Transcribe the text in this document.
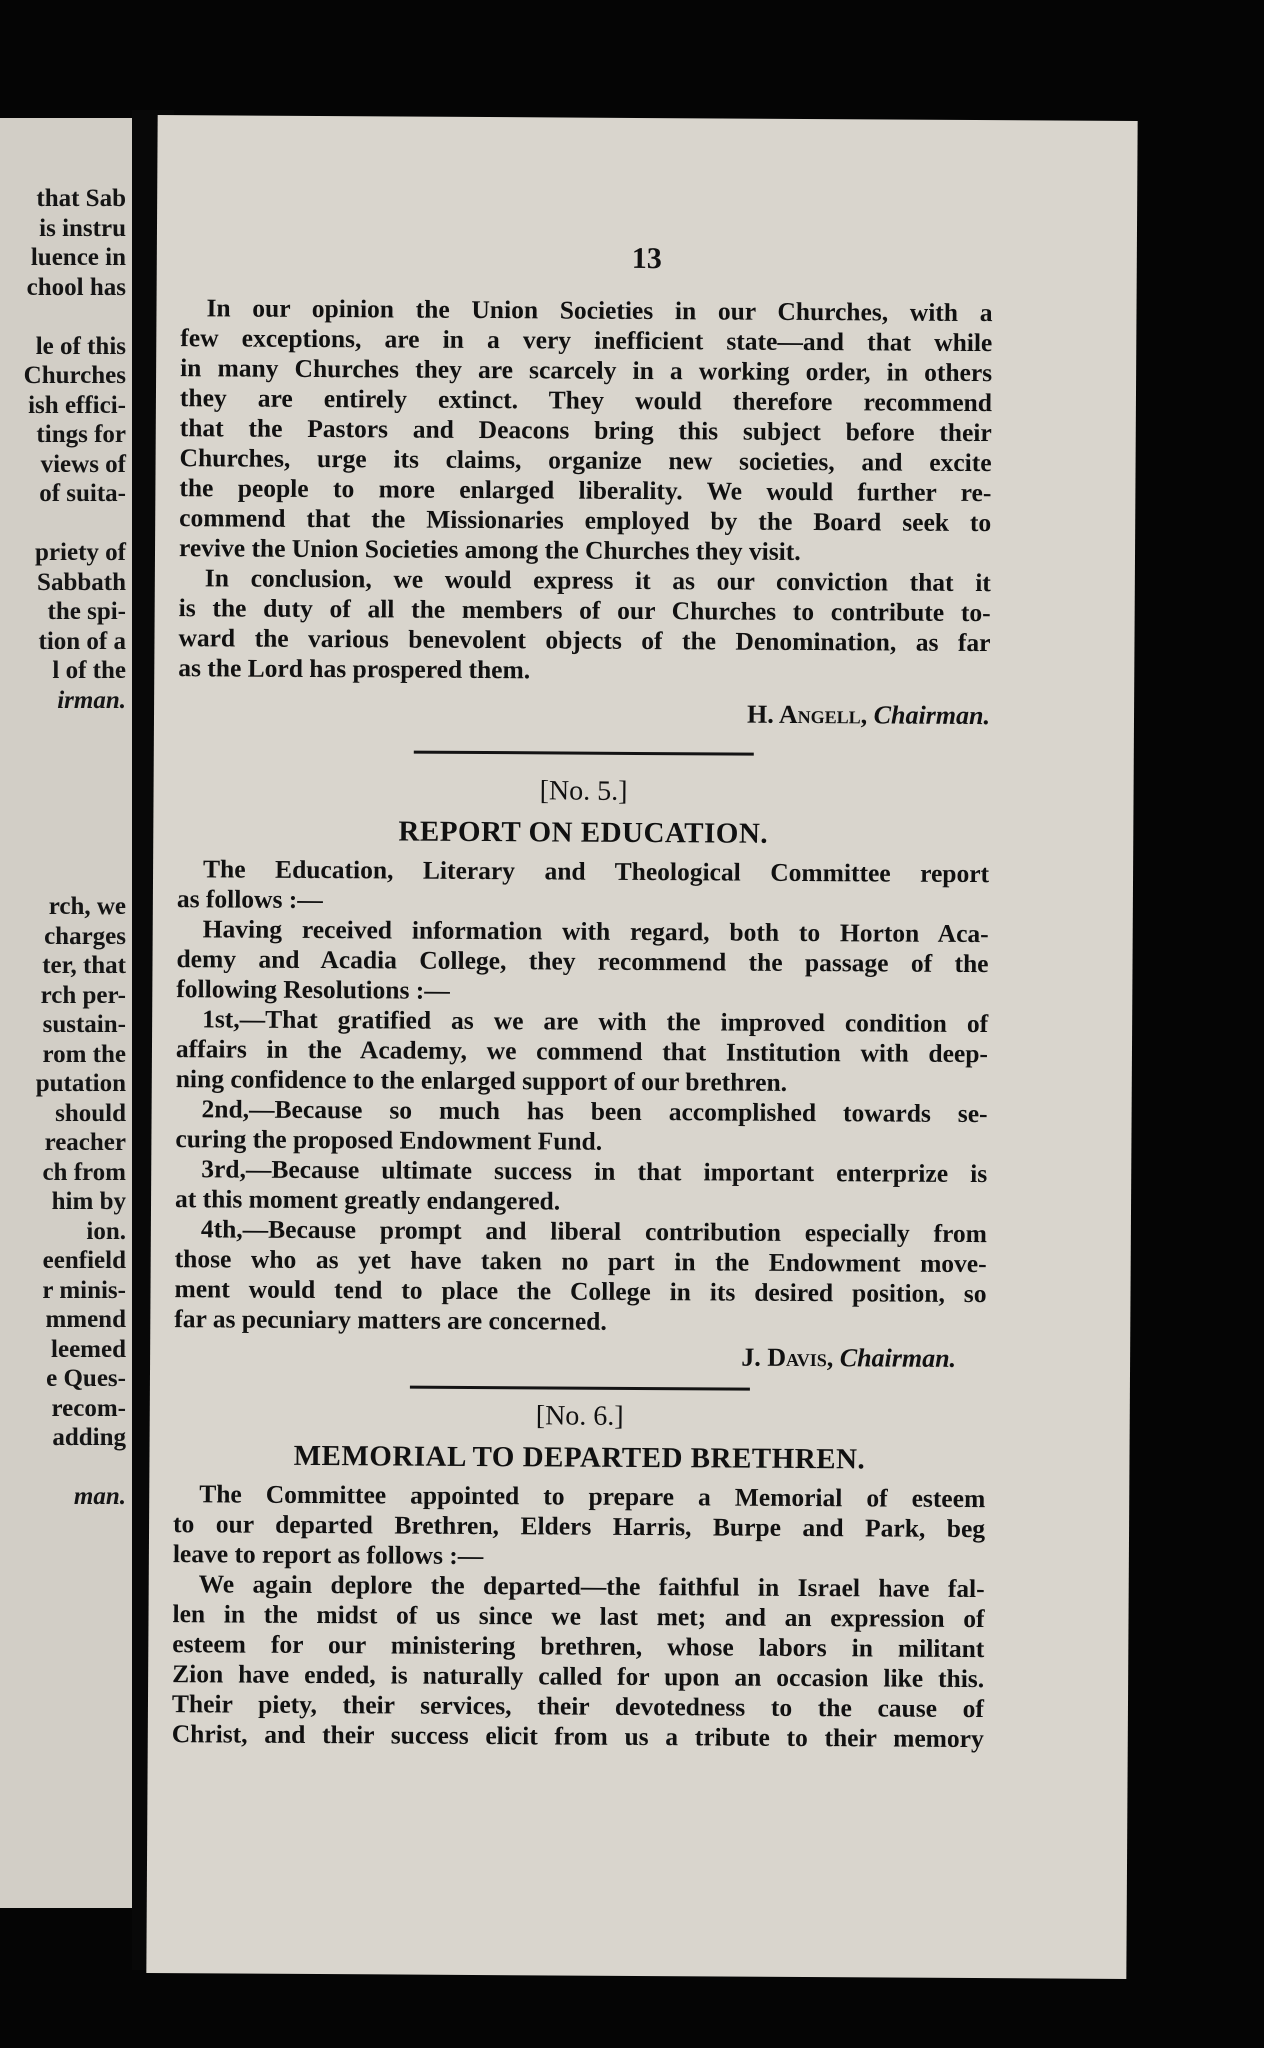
that Sab
is instru
luence in
chool has
le of this
Churches
ish effici-
tings for
views of
of suita-
priety of
Sabbath
the spi-
tion of a
l of the
irman.
rch, we
charges
ter, that
rch per-
sustain-
rom the
putation
should
reacher
ch from
him by
ion.
eenfield
r minis-
mmend
leemed
e Ques-
recom-
adding
man.
13
In our opinion the Union Societies in our Churches, with a
few exceptions, are in a very inefficient state—and that while
in many Churches they are scarcely in a working order, in others
they are entirely extinct. They would therefore recommend
that the Pastors and Deacons bring this subject before their
Churches, urge its claims, organize new societies, and excite
the people to more enlarged liberality. We would further re-
commend that the Missionaries employed by the Board seek to
revive the Union Societies among the Churches they visit.
In conclusion, we would express it as our conviction that it
is the duty of all the members of our Churches to contribute to-
ward the various benevolent objects of the Denomination, as far
as the Lord has prospered them.
H. Angell, Chairman.
[No. 5.]
REPORT ON EDUCATION.
The Education, Literary and Theological Committee report
as follows :—
Having received information with regard, both to Horton Aca-
demy and Acadia College, they recommend the passage of the
following Resolutions :—
1st,—That gratified as we are with the improved condition of
affairs in the Academy, we commend that Institution with deep-
ning confidence to the enlarged support of our brethren.
2nd,—Because so much has been accomplished towards se-
curing the proposed Endowment Fund.
3rd,—Because ultimate success in that important enterprize is
at this moment greatly endangered.
4th,—Because prompt and liberal contribution especially from
those who as yet have taken no part in the Endowment move-
ment would tend to place the College in its desired position, so
far as pecuniary matters are concerned.
J. Davis, Chairman.
[No. 6.]
MEMORIAL TO DEPARTED BRETHREN.
The Committee appointed to prepare a Memorial of esteem
to our departed Brethren, Elders Harris, Burpe and Park, beg
leave to report as follows :—
We again deplore the departed—the faithful in Israel have fal-
len in the midst of us since we last met; and an expression of
esteem for our ministering brethren, whose labors in militant
Zion have ended, is naturally called for upon an occasion like this.
Their piety, their services, their devotedness to the cause of
Christ, and their success elicit from us a tribute to their memory
